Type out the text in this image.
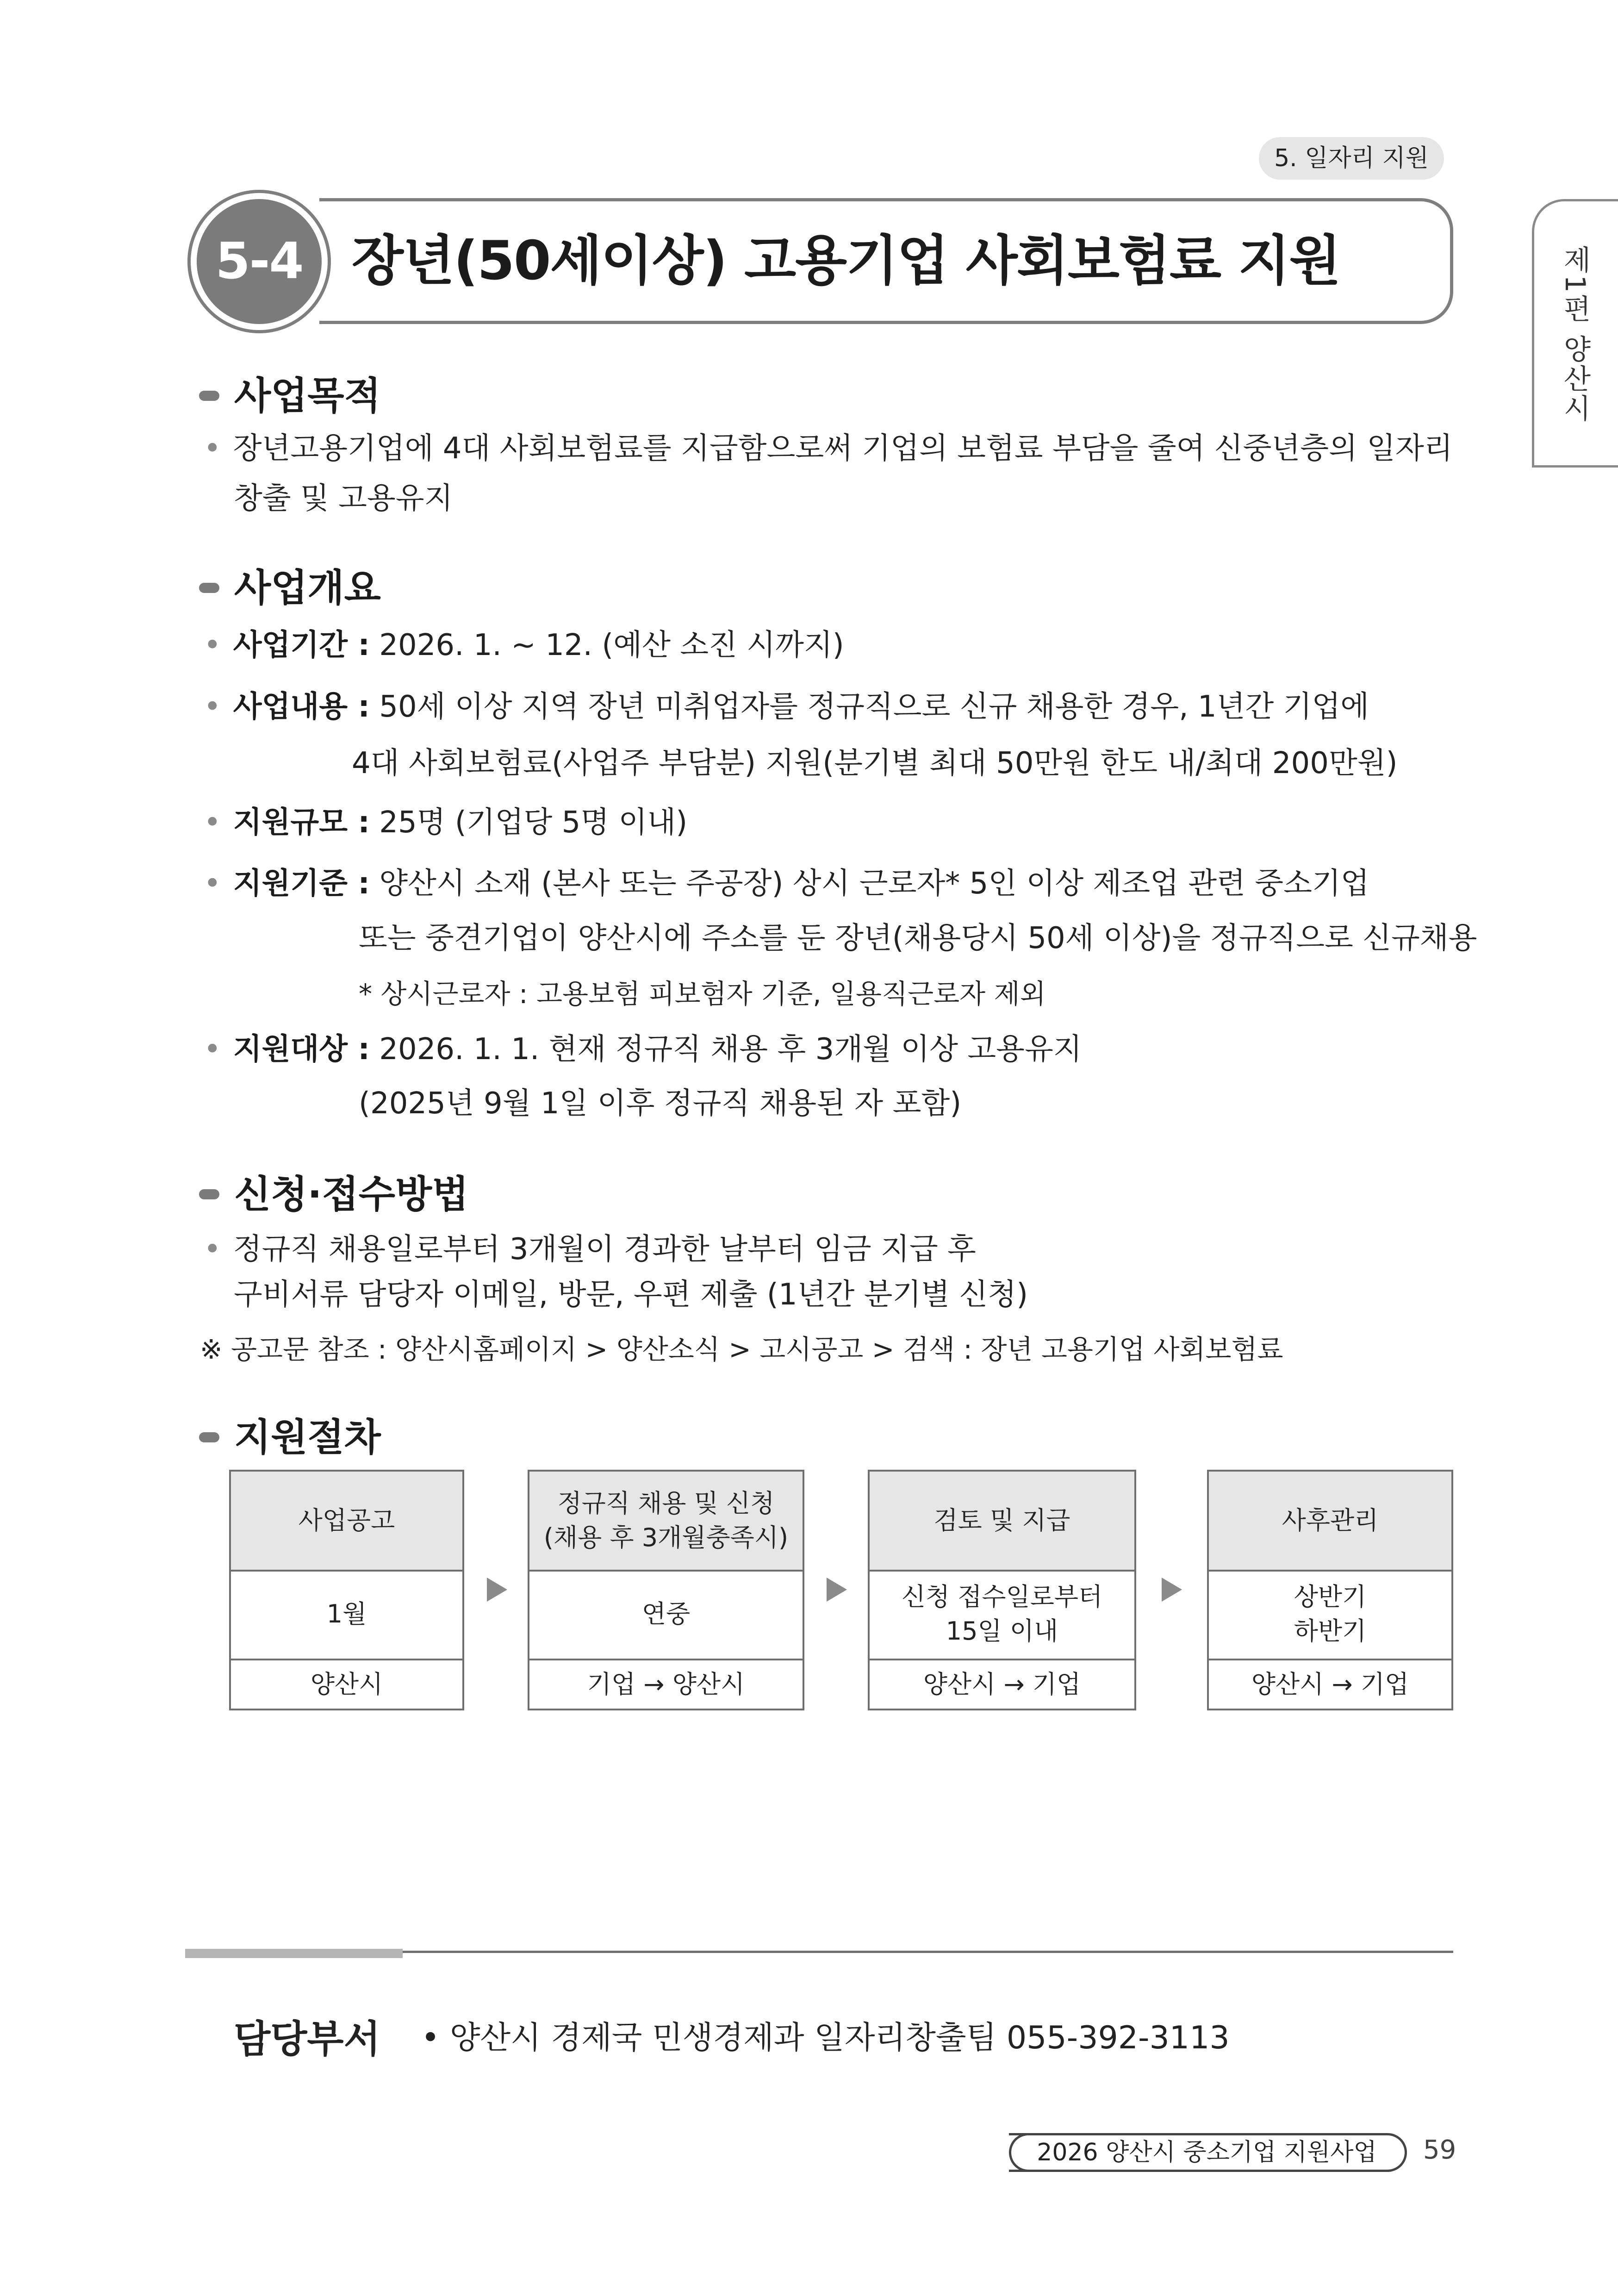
5. 일자리 지원
5-4 장년(50세이상) 고용기업 사회보험료 지원	제1편 양산시
사업목적
• 장년고용기업에 4대 사회보험료를 지급함으로써 기업의 보험료 부담을 줄여 신중년층의 일자리
창출 및 고용유지
사업개요
• 사업기간 : 2026. 1. ~ 12. (예산 소진 시까지)
• 사업내용 : 50세 이상 지역 장년 미취업자를 정규직으로 신규 채용한 경우, 1년간 기업에
4대 사회보험료(사업주 부담분) 지원(분기별 최대 50만원 한도 내/최대 200만원)
• 지원규모 : 25명 (기업당 5명 이내)
• 지원기준 : 양산시 소재 (본사 또는 주공장) 상시 근로자* 5인 이상 제조업 관련 중소기업
또는 중견기업이 양산시에 주소를 둔 장년(채용당시 50세 이상)을 정규직으로 신규채용
* 상시근로자 : 고용보험 피보험자 기준, 일용직근로자 제외
• 지원대상 : 2026. 1. 1. 현재 정규직 채용 후 3개월 이상 고용유지
(2025년 9월 1일 이후 정규직 채용된 자 포함)
신청·접수방법
• 정규직 채용일로부터 3개월이 경과한 날부터 임금 지급 후
구비서류 담당자 이메일, 방문, 우편 제출 (1년간 분기별 신청)
※ 공고문 참조 : 양산시홈페이지 > 양산소식 > 고시공고 > 검색 : 장년 고용기업 사회보험료
지원절차
사업공고
1월
양산시
정규직 채용 및 신청
(채용 후 3개월충족시)
연중
기업 → 양산시
검토 및 지급
신청 접수일로부터
15일 이내
양산시 → 기업
사후관리
상반기
하반기
양산시 → 기업
담당부서 • 양산시 경제국 민생경제과 일자리창출팀 055-392-3113
2026 양산시 중소기업 지원사업	59
